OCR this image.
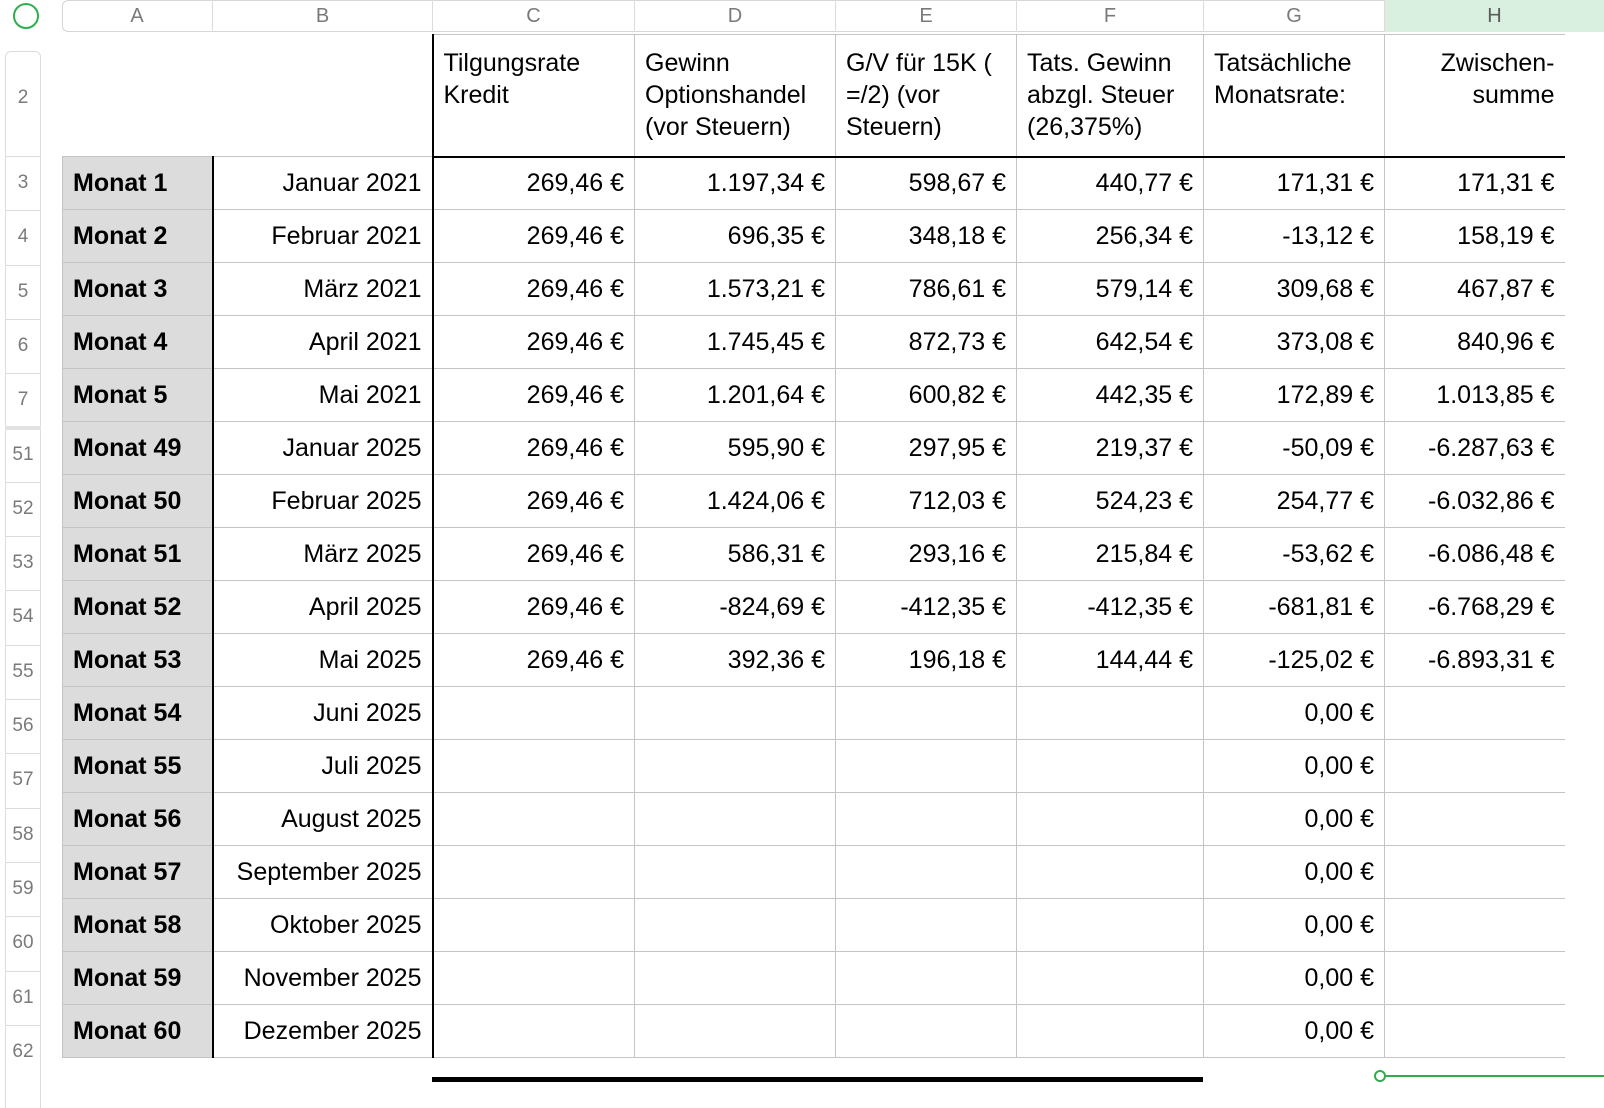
A	B	C	D	E	F	G	H
2
3
4
5
6
7
51
52
53
54
55
56
57
58
59
60
61
62
		Tilgungsrate Kredit	Gewinn Optionshandel (vor Steuern)	G/V für 15K ( =/2) (vor Steuern)	Tats. Gewinn abzgl. Steuer (26,375%)	Tatsächliche Monatsrate:	Zwischen-summe
Monat 1	Januar 2021	269,46 €	1.197,34 €	598,67 €	440,77 €	171,31 €	171,31 €
Monat 2	Februar 2021	269,46 €	696,35 €	348,18 €	256,34 €	-13,12 €	158,19 €
Monat 3	März 2021	269,46 €	1.573,21 €	786,61 €	579,14 €	309,68 €	467,87 €
Monat 4	April 2021	269,46 €	1.745,45 €	872,73 €	642,54 €	373,08 €	840,96 €
Monat 5	Mai 2021	269,46 €	1.201,64 €	600,82 €	442,35 €	172,89 €	1.013,85 €
Monat 49	Januar 2025	269,46 €	595,90 €	297,95 €	219,37 €	-50,09 €	-6.287,63 €
Monat 50	Februar 2025	269,46 €	1.424,06 €	712,03 €	524,23 €	254,77 €	-6.032,86 €
Monat 51	März 2025	269,46 €	586,31 €	293,16 €	215,84 €	-53,62 €	-6.086,48 €
Monat 52	April 2025	269,46 €	-824,69 €	-412,35 €	-412,35 €	-681,81 €	-6.768,29 €
Monat 53	Mai 2025	269,46 €	392,36 €	196,18 €	144,44 €	-125,02 €	-6.893,31 €
Monat 54	Juni 2025					0,00 €	
Monat 55	Juli 2025					0,00 €	
Monat 56	August 2025					0,00 €	
Monat 57	September 2025					0,00 €	
Monat 58	Oktober 2025					0,00 €	
Monat 59	November 2025					0,00 €	
Monat 60	Dezember 2025					0,00 €	
